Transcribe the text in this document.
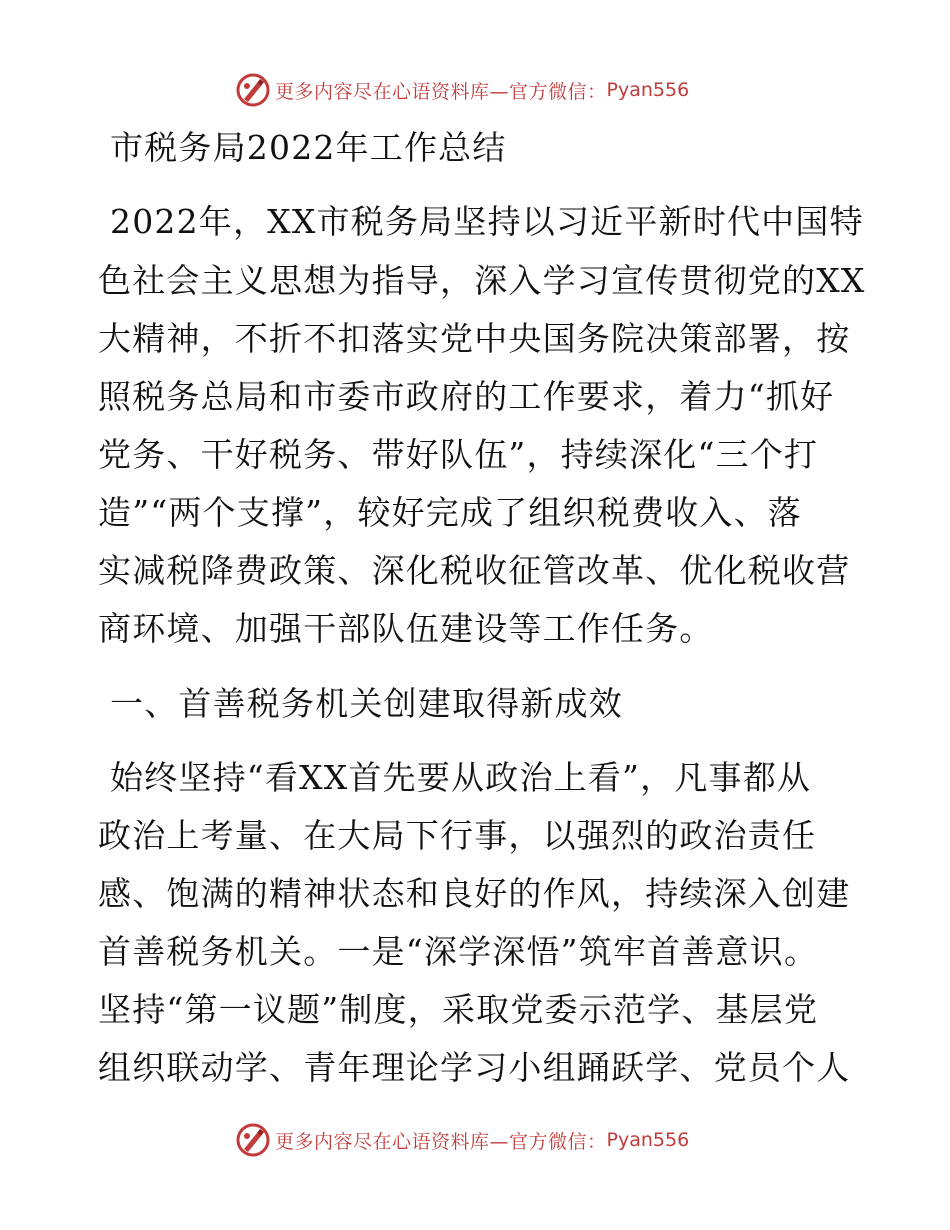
更多内容尽在心语资料库—官方微信： Pyan556
市税务局2022年工作总结
2022年，XX市税务局坚持以习近平新时代中国特
色社会主义思想为指导，深入学习宣传贯彻党的XX
大精神，不折不扣落实党中央国务院决策部署，按
照税务总局和市委市政府的工作要求，着力“抓好
党务、干好税务、带好队伍”，持续深化“三个打
造”“两个支撑”，较好完成了组织税费收入、落
实减税降费政策、深化税收征管改革、优化税收营
商环境、加强干部队伍建设等工作任务。
一、首善税务机关创建取得新成效
始终坚持“看XX首先要从政治上看”，凡事都从
政治上考量、在大局下行事，以强烈的政治责任
感、饱满的精神状态和良好的作风，持续深入创建
首善税务机关。一是“深学深悟”筑牢首善意识。
坚持“第一议题”制度，采取党委示范学、基层党
组织联动学、青年理论学习小组踊跃学、党员个人
更多内容尽在心语资料库—官方微信： Pyan556
